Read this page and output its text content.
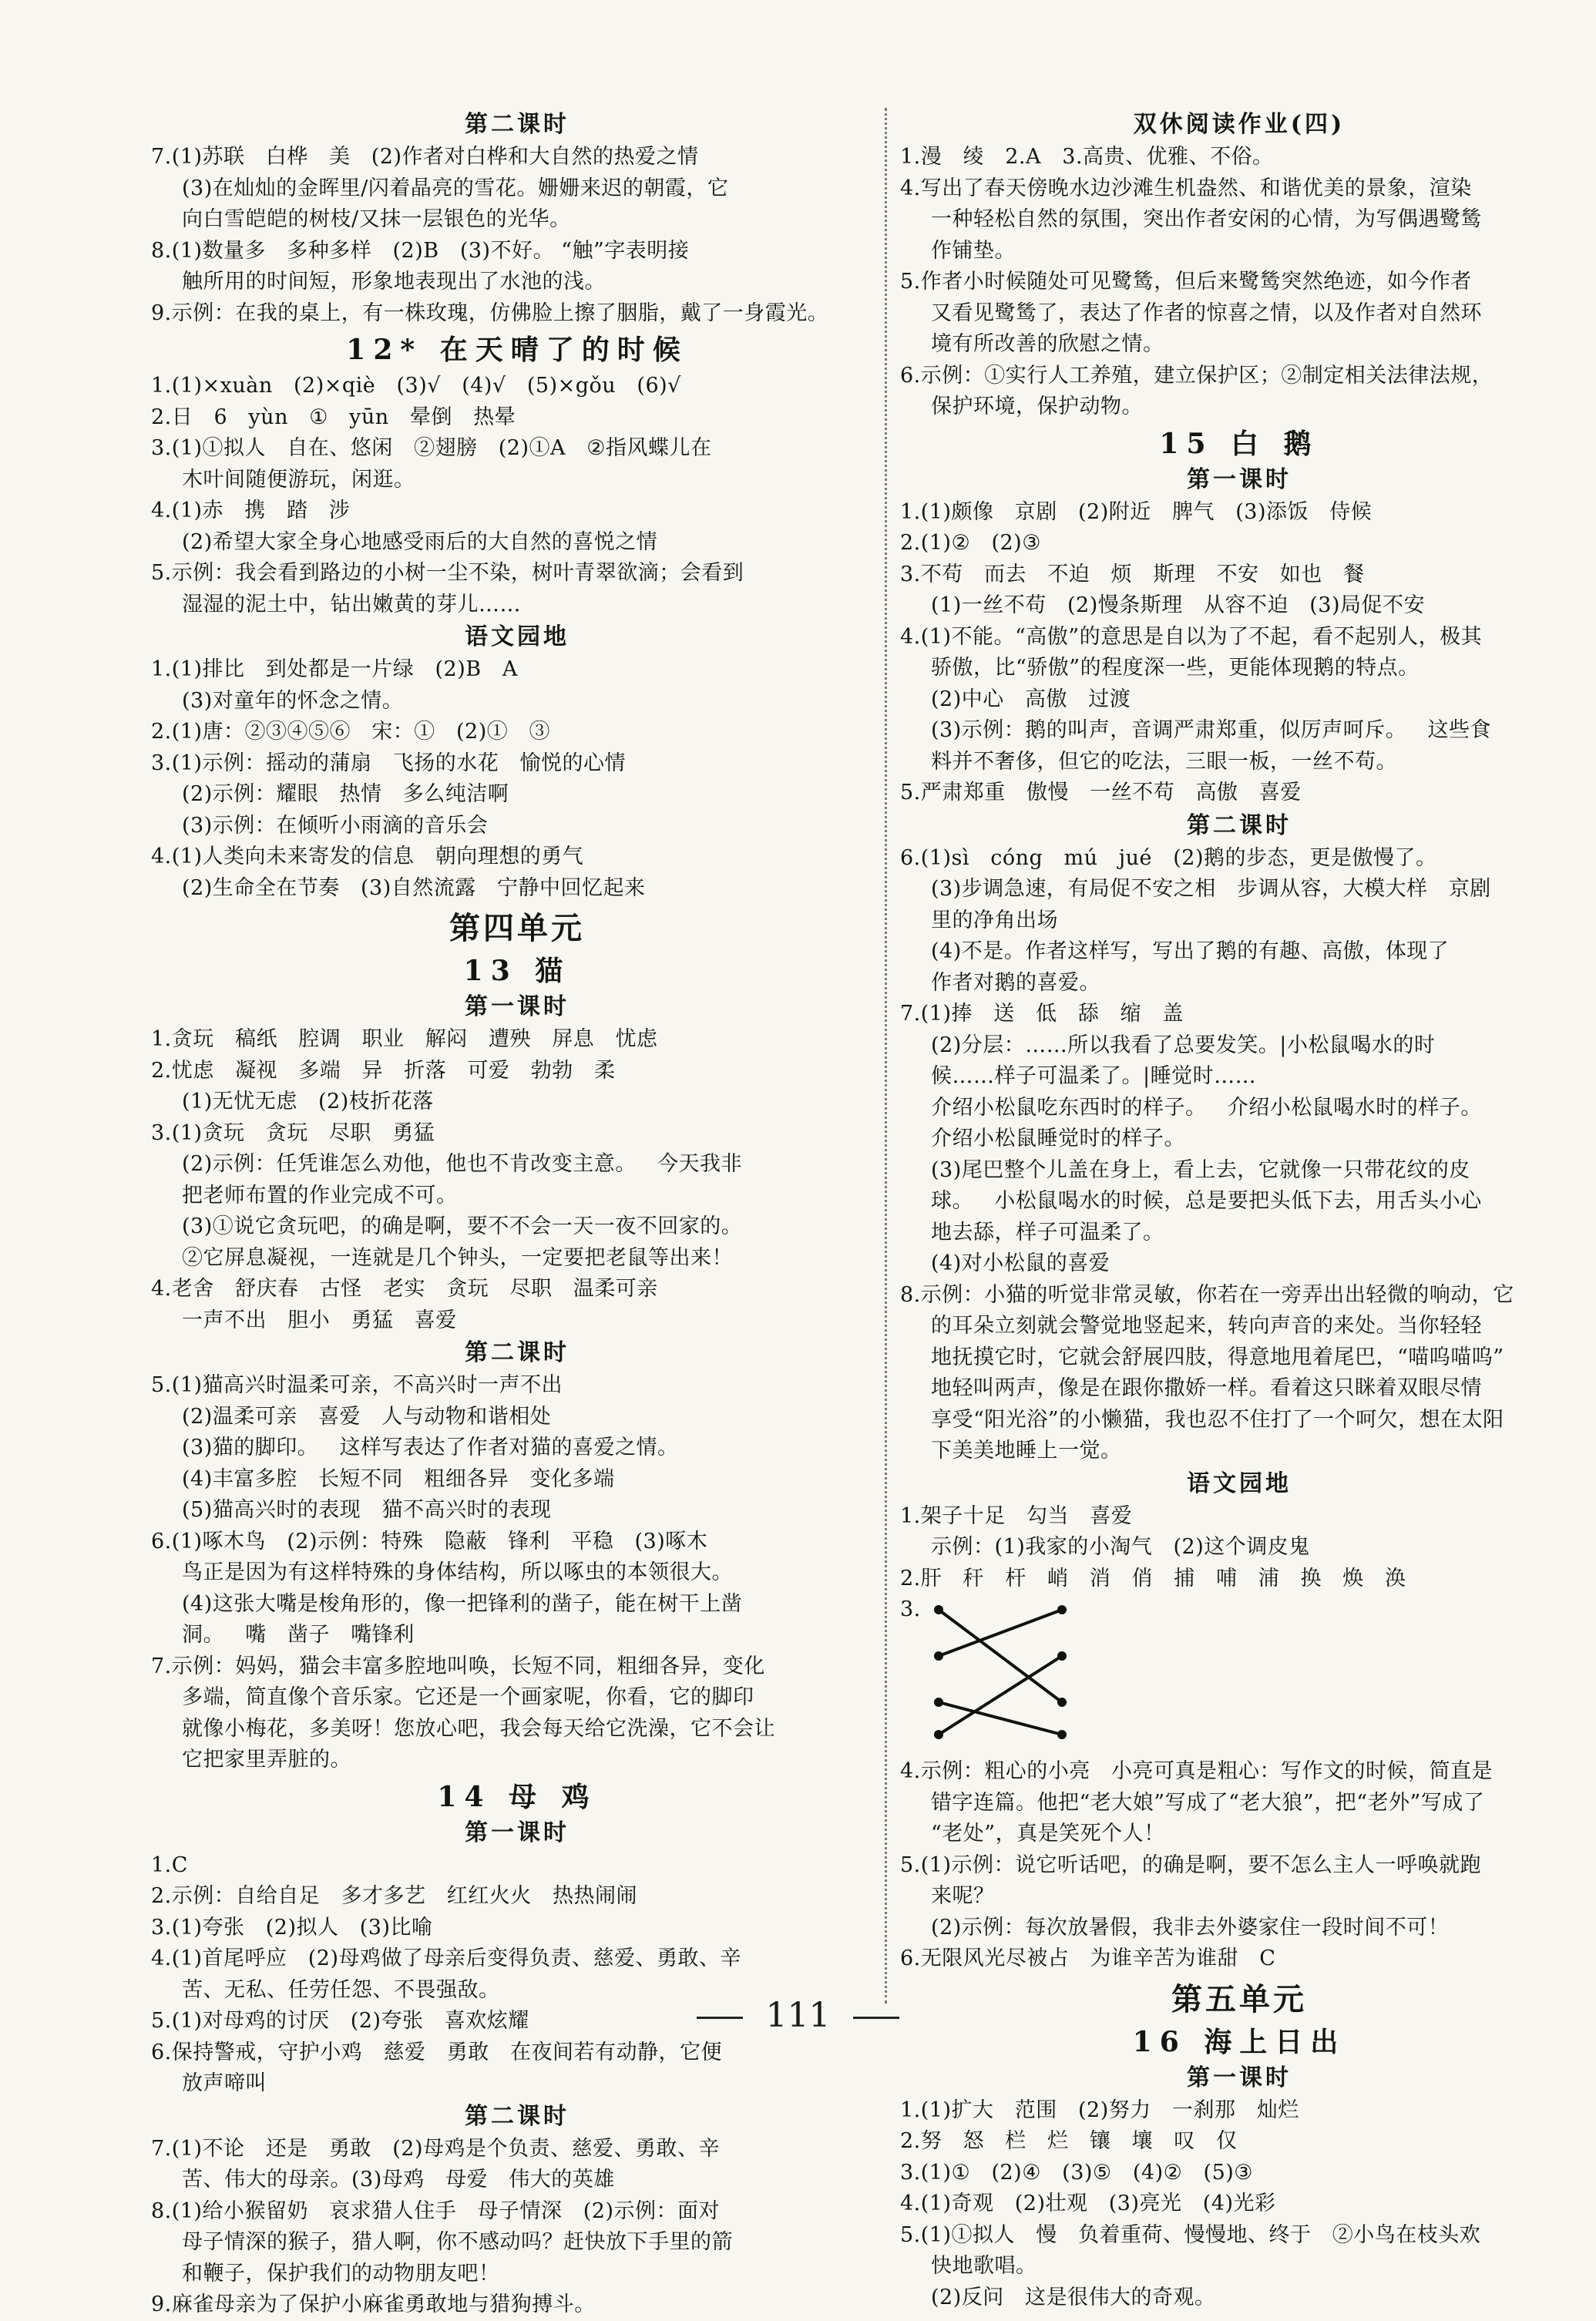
第二课时
7.(1)苏联   白桦   美   (2)作者对白桦和大自然的热爱之情
(3)在灿灿的金晖里/闪着晶亮的雪花。姗姗来迟的朝霞，它
向白雪皑皑的树枝/又抹一层银色的光华。
8.(1)数量多   多种多样   (2)B   (3)不好。 “触”字表明接
触所用的时间短，形象地表现出了水池的浅。
9.示例：在我的桌上，有一株玫瑰，仿佛脸上擦了胭脂，戴了一身霞光。
12* 在天晴了的时候
1.(1)×xuàn   (2)×qiè   (3)√   (4)√   (5)×gǒu   (6)√
2.日   6   yùn   ①   yūn   晕倒   热晕
3.(1)①拟人   自在、悠闲   ②翅膀   (2)①A   ②指风蝶儿在
木叶间随便游玩，闲逛。
4.(1)赤   携   踏   涉
(2)希望大家全身心地感受雨后的大自然的喜悦之情
5.示例：我会看到路边的小树一尘不染，树叶青翠欲滴；会看到
湿湿的泥土中，钻出嫩黄的芽儿……
语文园地
1.(1)排比   到处都是一片绿   (2)B   A
(3)对童年的怀念之情。
2.(1)唐：②③④⑤⑥   宋：①   (2)①   ③
3.(1)示例：摇动的蒲扇   飞扬的水花   愉悦的心情
(2)示例：耀眼   热情   多么纯洁啊
(3)示例：在倾听小雨滴的音乐会
4.(1)人类向未来寄发的信息   朝向理想的勇气
(2)生命全在节奏   (3)自然流露   宁静中回忆起来
第四单元
13 猫
第一课时
1.贪玩   稿纸   腔调   职业   解闷   遭殃   屏息   忧虑
2.忧虑   凝视   多端   异   折落   可爱   勃勃   柔
(1)无忧无虑   (2)枝折花落
3.(1)贪玩   贪玩   尽职   勇猛
(2)示例：任凭谁怎么劝他，他也不肯改变主意。   今天我非
把老师布置的作业完成不可。
(3)①说它贪玩吧，的确是啊，要不不会一天一夜不回家的。
②它屏息凝视，一连就是几个钟头，一定要把老鼠等出来！
4.老舍   舒庆春   古怪   老实   贪玩   尽职   温柔可亲
一声不出   胆小   勇猛   喜爱
第二课时
5.(1)猫高兴时温柔可亲，不高兴时一声不出
(2)温柔可亲   喜爱   人与动物和谐相处
(3)猫的脚印。   这样写表达了作者对猫的喜爱之情。
(4)丰富多腔   长短不同   粗细各异   变化多端
(5)猫高兴时的表现   猫不高兴时的表现
6.(1)啄木鸟   (2)示例：特殊   隐蔽   锋利   平稳   (3)啄木
鸟正是因为有这样特殊的身体结构，所以啄虫的本领很大。
(4)这张大嘴是梭角形的，像一把锋利的凿子，能在树干上凿
洞。   嘴   凿子   嘴锋利
7.示例：妈妈，猫会丰富多腔地叫唤，长短不同，粗细各异，变化
多端，简直像个音乐家。它还是一个画家呢，你看，它的脚印
就像小梅花，多美呀！您放心吧，我会每天给它洗澡，它不会让
它把家里弄脏的。
14 母 鸡
第一课时
1.C
2.示例：自给自足   多才多艺   红红火火   热热闹闹
3.(1)夸张   (2)拟人   (3)比喻
4.(1)首尾呼应   (2)母鸡做了母亲后变得负责、慈爱、勇敢、辛
苦、无私、任劳任怨、不畏强敌。
5.(1)对母鸡的讨厌   (2)夸张   喜欢炫耀
6.保持警戒，守护小鸡   慈爱   勇敢   在夜间若有动静，它便
放声啼叫
第二课时
7.(1)不论   还是   勇敢   (2)母鸡是个负责、慈爱、勇敢、辛
苦、伟大的母亲。(3)母鸡   母爱   伟大的英雄
8.(1)给小猴留奶   哀求猎人住手   母子情深   (2)示例：面对
母子情深的猴子，猎人啊，你不感动吗？赶快放下手里的箭
和鞭子，保护我们的动物朋友吧！
9.麻雀母亲为了保护小麻雀勇敢地与猎狗搏斗。
双休阅读作业(四)
1.漫   绫   2.A   3.高贵、优雅、不俗。
4.写出了春天傍晚水边沙滩生机盎然、和谐优美的景象，渲染
一种轻松自然的氛围，突出作者安闲的心情，为写偶遇鹭鸶
作铺垫。
5.作者小时候随处可见鹭鸶，但后来鹭鸶突然绝迹，如今作者
又看见鹭鸶了，表达了作者的惊喜之情，以及作者对自然环
境有所改善的欣慰之情。
6.示例：①实行人工养殖，建立保护区；②制定相关法律法规，
保护环境，保护动物。
15 白 鹅
第一课时
1.(1)颇像   京剧   (2)附近   脾气   (3)添饭   侍候
2.(1)②   (2)③
3.不苟   而去   不迫   烦   斯理   不安   如也   餐
(1)一丝不苟   (2)慢条斯理   从容不迫   (3)局促不安
4.(1)不能。“高傲”的意思是自以为了不起，看不起别人，极其
骄傲，比“骄傲”的程度深一些，更能体现鹅的特点。
(2)中心   高傲   过渡
(3)示例：鹅的叫声，音调严肃郑重，似厉声呵斥。   这些食
料并不奢侈，但它的吃法，三眼一板，一丝不苟。
5.严肃郑重   傲慢   一丝不苟   高傲   喜爱
第二课时
6.(1)sì   cóng   mú   jué   (2)鹅的步态，更是傲慢了。
(3)步调急速，有局促不安之相   步调从容，大模大样   京剧
里的净角出场
(4)不是。作者这样写，写出了鹅的有趣、高傲，体现了
作者对鹅的喜爱。
7.(1)捧   送   低   舔   缩   盖
(2)分层：……所以我看了总要发笑。|小松鼠喝水的时
候……样子可温柔了。|睡觉时……
介绍小松鼠吃东西时的样子。   介绍小松鼠喝水时的样子。
介绍小松鼠睡觉时的样子。
(3)尾巴整个儿盖在身上，看上去，它就像一只带花纹的皮
球。   小松鼠喝水的时候，总是要把头低下去，用舌头小心
地去舔，样子可温柔了。
(4)对小松鼠的喜爱
8.示例：小猫的听觉非常灵敏，你若在一旁弄出出轻微的响动，它
的耳朵立刻就会警觉地竖起来，转向声音的来处。当你轻轻
地抚摸它时，它就会舒展四肢，得意地甩着尾巴，“喵呜喵呜”
地轻叫两声，像是在跟你撒娇一样。看着这只眯着双眼尽情
享受“阳光浴”的小懒猫，我也忍不住打了一个呵欠，想在太阳
下美美地睡上一觉。
语文园地
1.架子十足   勾当   喜爱
示例：(1)我家的小淘气   (2)这个调皮鬼
2.肝   秆   杆   峭   消   俏   捕   哺   浦   换   焕   涣
3.
4.示例：粗心的小亮   小亮可真是粗心：写作文的时候，简直是
错字连篇。他把“老大娘”写成了“老大狼”，把“老外”写成了
“老处”，真是笑死个人！
5.(1)示例：说它听话吧，的确是啊，要不怎么主人一呼唤就跑
来呢？
(2)示例：每次放暑假，我非去外婆家住一段时间不可！
6.无限风光尽被占   为谁辛苦为谁甜   C
第五单元
16 海上日出
第一课时
1.(1)扩大   范围   (2)努力   一刹那   灿烂
2.努   怒   栏   烂   镶   壤   叹   仅
3.(1)①   (2)④   (3)⑤   (4)②   (5)③
4.(1)奇观   (2)壮观   (3)亮光   (4)光彩
5.(1)①拟人   慢   负着重荷、慢慢地、终于   ②小鸟在枝头欢
快地歌唱。
(2)反问   这是很伟大的奇观。
111
